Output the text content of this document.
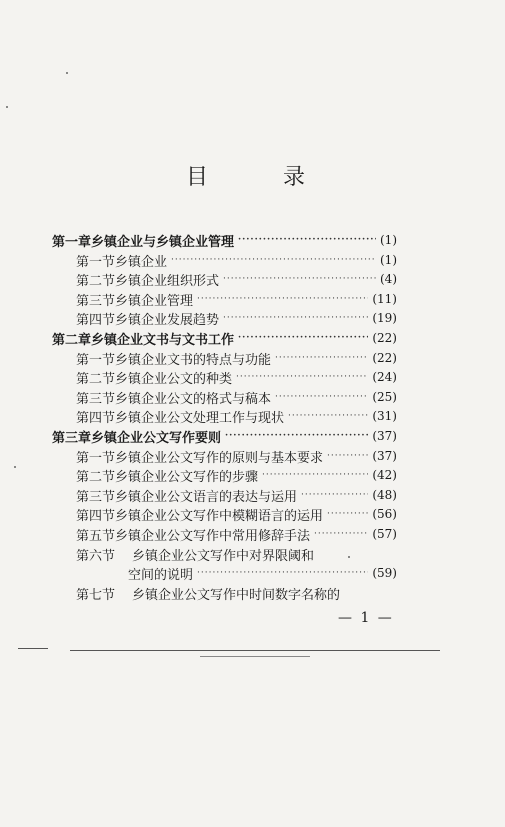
目 录
第一章 乡镇企业与乡镇企业管理 ·····	(1)
第一节 乡镇企业 ·····	(1)
第二节 乡镇企业组织形式 ·····	(4)
第三节 乡镇企业管理 ·····	(11)
第四节 乡镇企业发展趋势 ·····	(19)
第二章 乡镇企业文书与文书工作 ·····	(22)
第一节 乡镇企业文书的特点与功能 ·····	(22)
第二节 乡镇企业公文的种类 ·····	(24)
第三节 乡镇企业公文的格式与稿本 ·····	(25)
第四节 乡镇企业公文处理工作与现状 ·····	(31)
第三章 乡镇企业公文写作要则 ·····	(37)
第一节 乡镇企业公文写作的原则与基本要求 ·····	(37)
第二节 乡镇企业公文写作的步骤 ·····	(42)
第三节 乡镇企业公文语言的表达与运用 ·····	(48)
第四节 乡镇企业公文写作中模糊语言的运用 ·····	(56)
第五节 乡镇企业公文写作中常用修辞手法 ·····	(57)
第六节	乡镇企业公文写作中对界限阈和
空间的说明 ·····	(59)
第七节	乡镇企业公文写作中时间数字名称的
— 1 —
